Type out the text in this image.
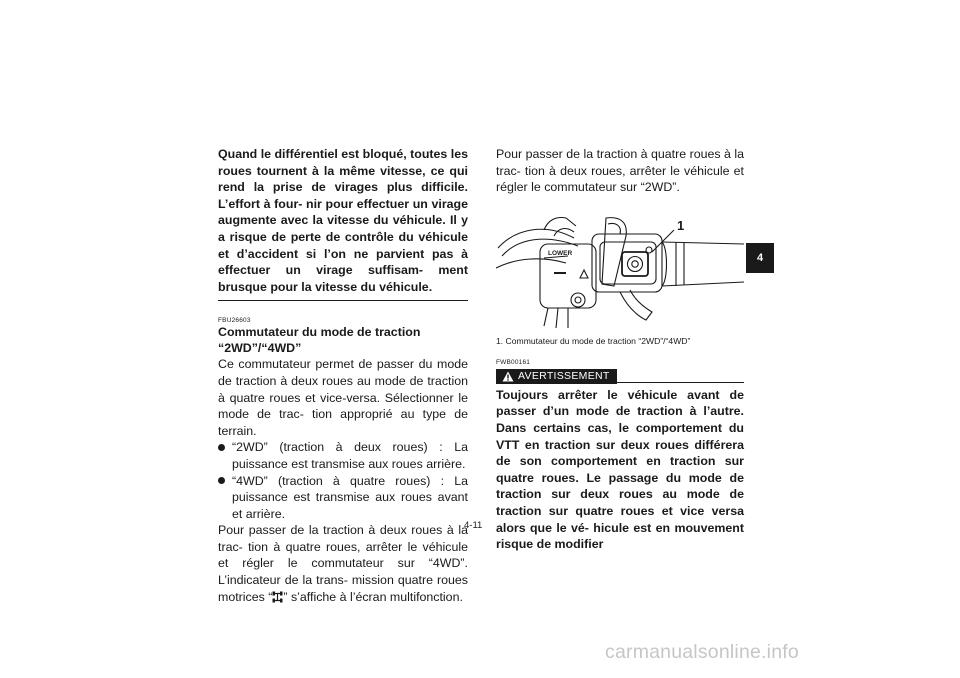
Quand le différentiel est bloqué, toutes les roues tournent à la même vitesse, ce qui rend la prise de virages plus difficile. L’effort à four- nir pour effectuer un virage augmente avec la vitesse du véhicule. Il y a risque de perte de contrôle du véhicule et d’accident si l’on ne parvient pas à effectuer un virage suffisam- ment brusque pour la vitesse du véhicule.

FBU26603
Commutateur du mode de traction
“2WD”/“4WD”

Ce commutateur permet de passer du mode de traction à deux roues au mode de traction à quatre roues et vice-versa. Sélectionner le mode de trac- tion approprié au type de terrain.

“2WD” (traction à deux roues) : La puissance est transmise aux roues arrière.

“4WD” (traction à quatre roues) : La puissance est transmise aux roues avant et arrière.

Pour passer de la traction à deux roues à la trac- tion à quatre roues, arrêter le véhicule et régler le commutateur sur “4WD”. L’indicateur de la trans- mission quatre roues motrices “ ” s’affiche à l’écran multifonction.

Pour passer de la traction à quatre roues à la trac- tion à deux roues, arrêter le véhicule et régler le commutateur sur “2WD”.

LOWER
1
1. Commutateur du mode de traction “2WD”/“4WD”
FWB00161
AVERTISSEMENT

Toujours arrêter le véhicule avant de passer d’un mode de traction à l’autre. Dans certains cas, le comportement du VTT en traction sur deux roues différera de son comportement en traction sur quatre roues. Le passage du mode de traction sur deux roues au mode de traction sur quatre roues et vice versa alors que le vé- hicule est en mouvement risque de modifier

4-11
4
carmanualsonline.info
